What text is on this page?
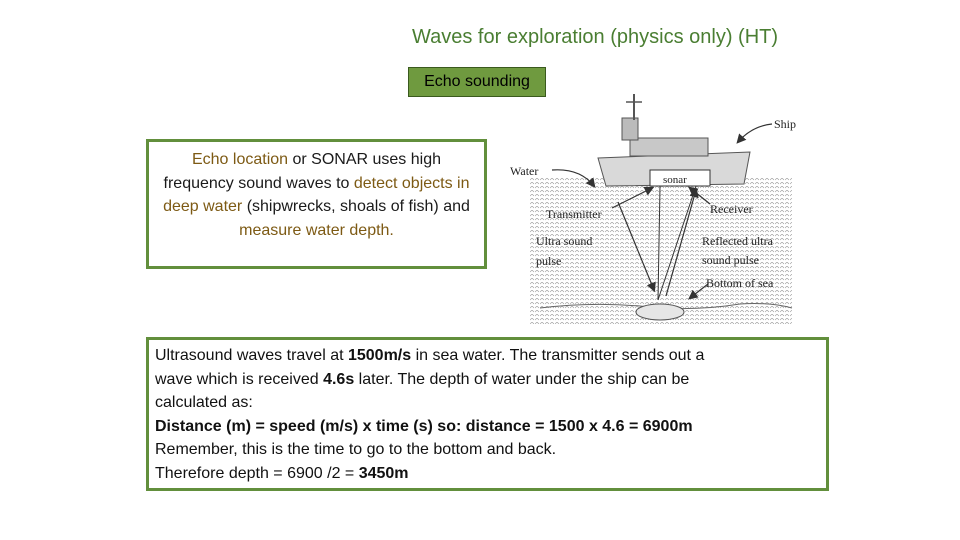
Waves for exploration (physics only) (HT)
Echo sounding
Echo location or SONAR uses high frequency sound waves to detect objects in deep water (shipwrecks, shoals of fish) and measure water depth.
Ship
Water
sonar
Transmitter	Receiver
Ultra sound
pulse
Reflected ultra
sound pulse
Bottom of sea
Ultrasound waves travel at 1500m/s in sea water. The transmitter sends out a
wave which is received 4.6s later. The depth of water under the ship can be
calculated as:
Distance (m) = speed (m/s) x time (s) so: distance = 1500 x 4.6 = 6900m
Remember, this is the time to go to the bottom and back.
Therefore depth = 6900 /2 = 3450m
